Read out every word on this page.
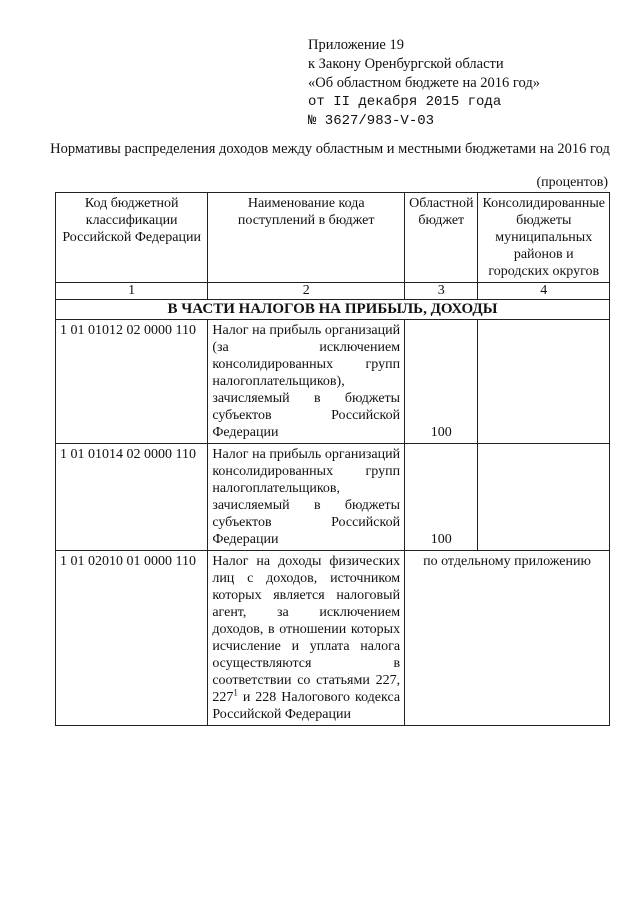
Приложение 19
к Закону Оренбургской области
«Об областном бюджете на 2016 год»
от II декабря 2015 года
№ 3627/983-V-03
Нормативы распределения доходов между областным и местными бюджетами на 2016 год
(процентов)
Код бюджетной классификации Российской Федерации	Наименование кода поступлений в бюджет	Областной бюджет	Консолидированные бюджеты муниципальных районов и городских округов
1	2	3	4
В ЧАСТИ НАЛОГОВ НА ПРИБЫЛЬ, ДОХОДЫ			
1 01 01012 02 0000 110	Налог на прибыль организаций (за исключением консолидированных групп налогоплательщиков), зачисляемый в бюджеты субъектов Российской Федерации	100	
1 01 01014 02 0000 110	Налог на прибыль организаций консолидированных групп налогоплательщиков, зачисляемый в бюджеты субъектов Российской Федерации	100	
1 01 02010 01 0000 110	Налог на доходы физических лиц с доходов, источником которых является налоговый агент, за исключением доходов, в отношении которых исчисление и уплата налога осуществляются в соответствии со статьями 227, $227^1$ и 228 Налогового кодекса Российской Федерации	по отдельному приложению	
